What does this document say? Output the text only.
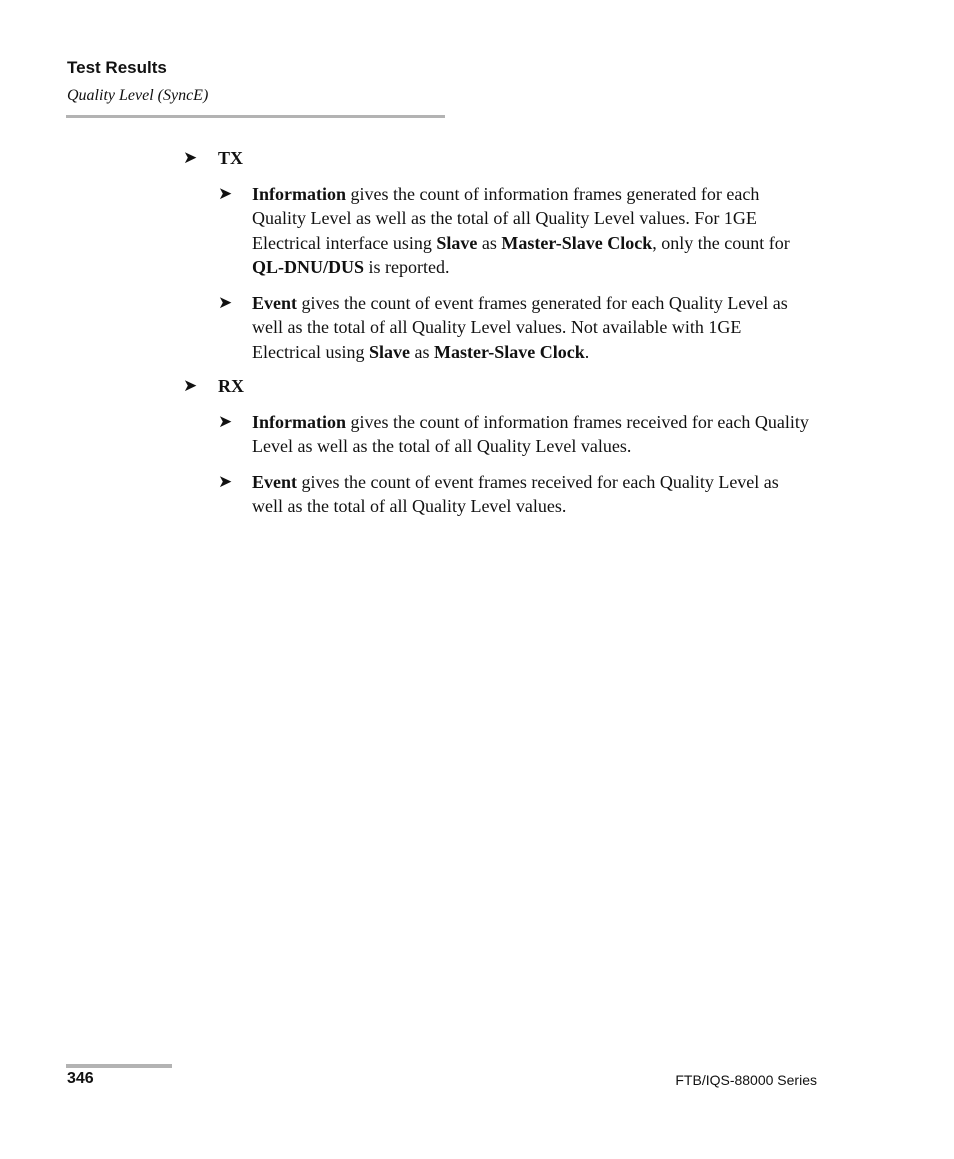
Test Results
Quality Level (SyncE)
➤ TX
➤ Information gives the count of information frames generated for each Quality Level as well as the total of all Quality Level values. For 1GE Electrical interface using Slave as Master-Slave Clock, only the count for QL-DNU/DUS is reported.
➤ Event gives the count of event frames generated for each Quality Level as well as the total of all Quality Level values. Not available with 1GE Electrical using Slave as Master-Slave Clock.
➤ RX
➤ Information gives the count of information frames received for each Quality Level as well as the total of all Quality Level values.
➤ Event gives the count of event frames received for each Quality Level as well as the total of all Quality Level values.
346	FTB/IQS-88000 Series
